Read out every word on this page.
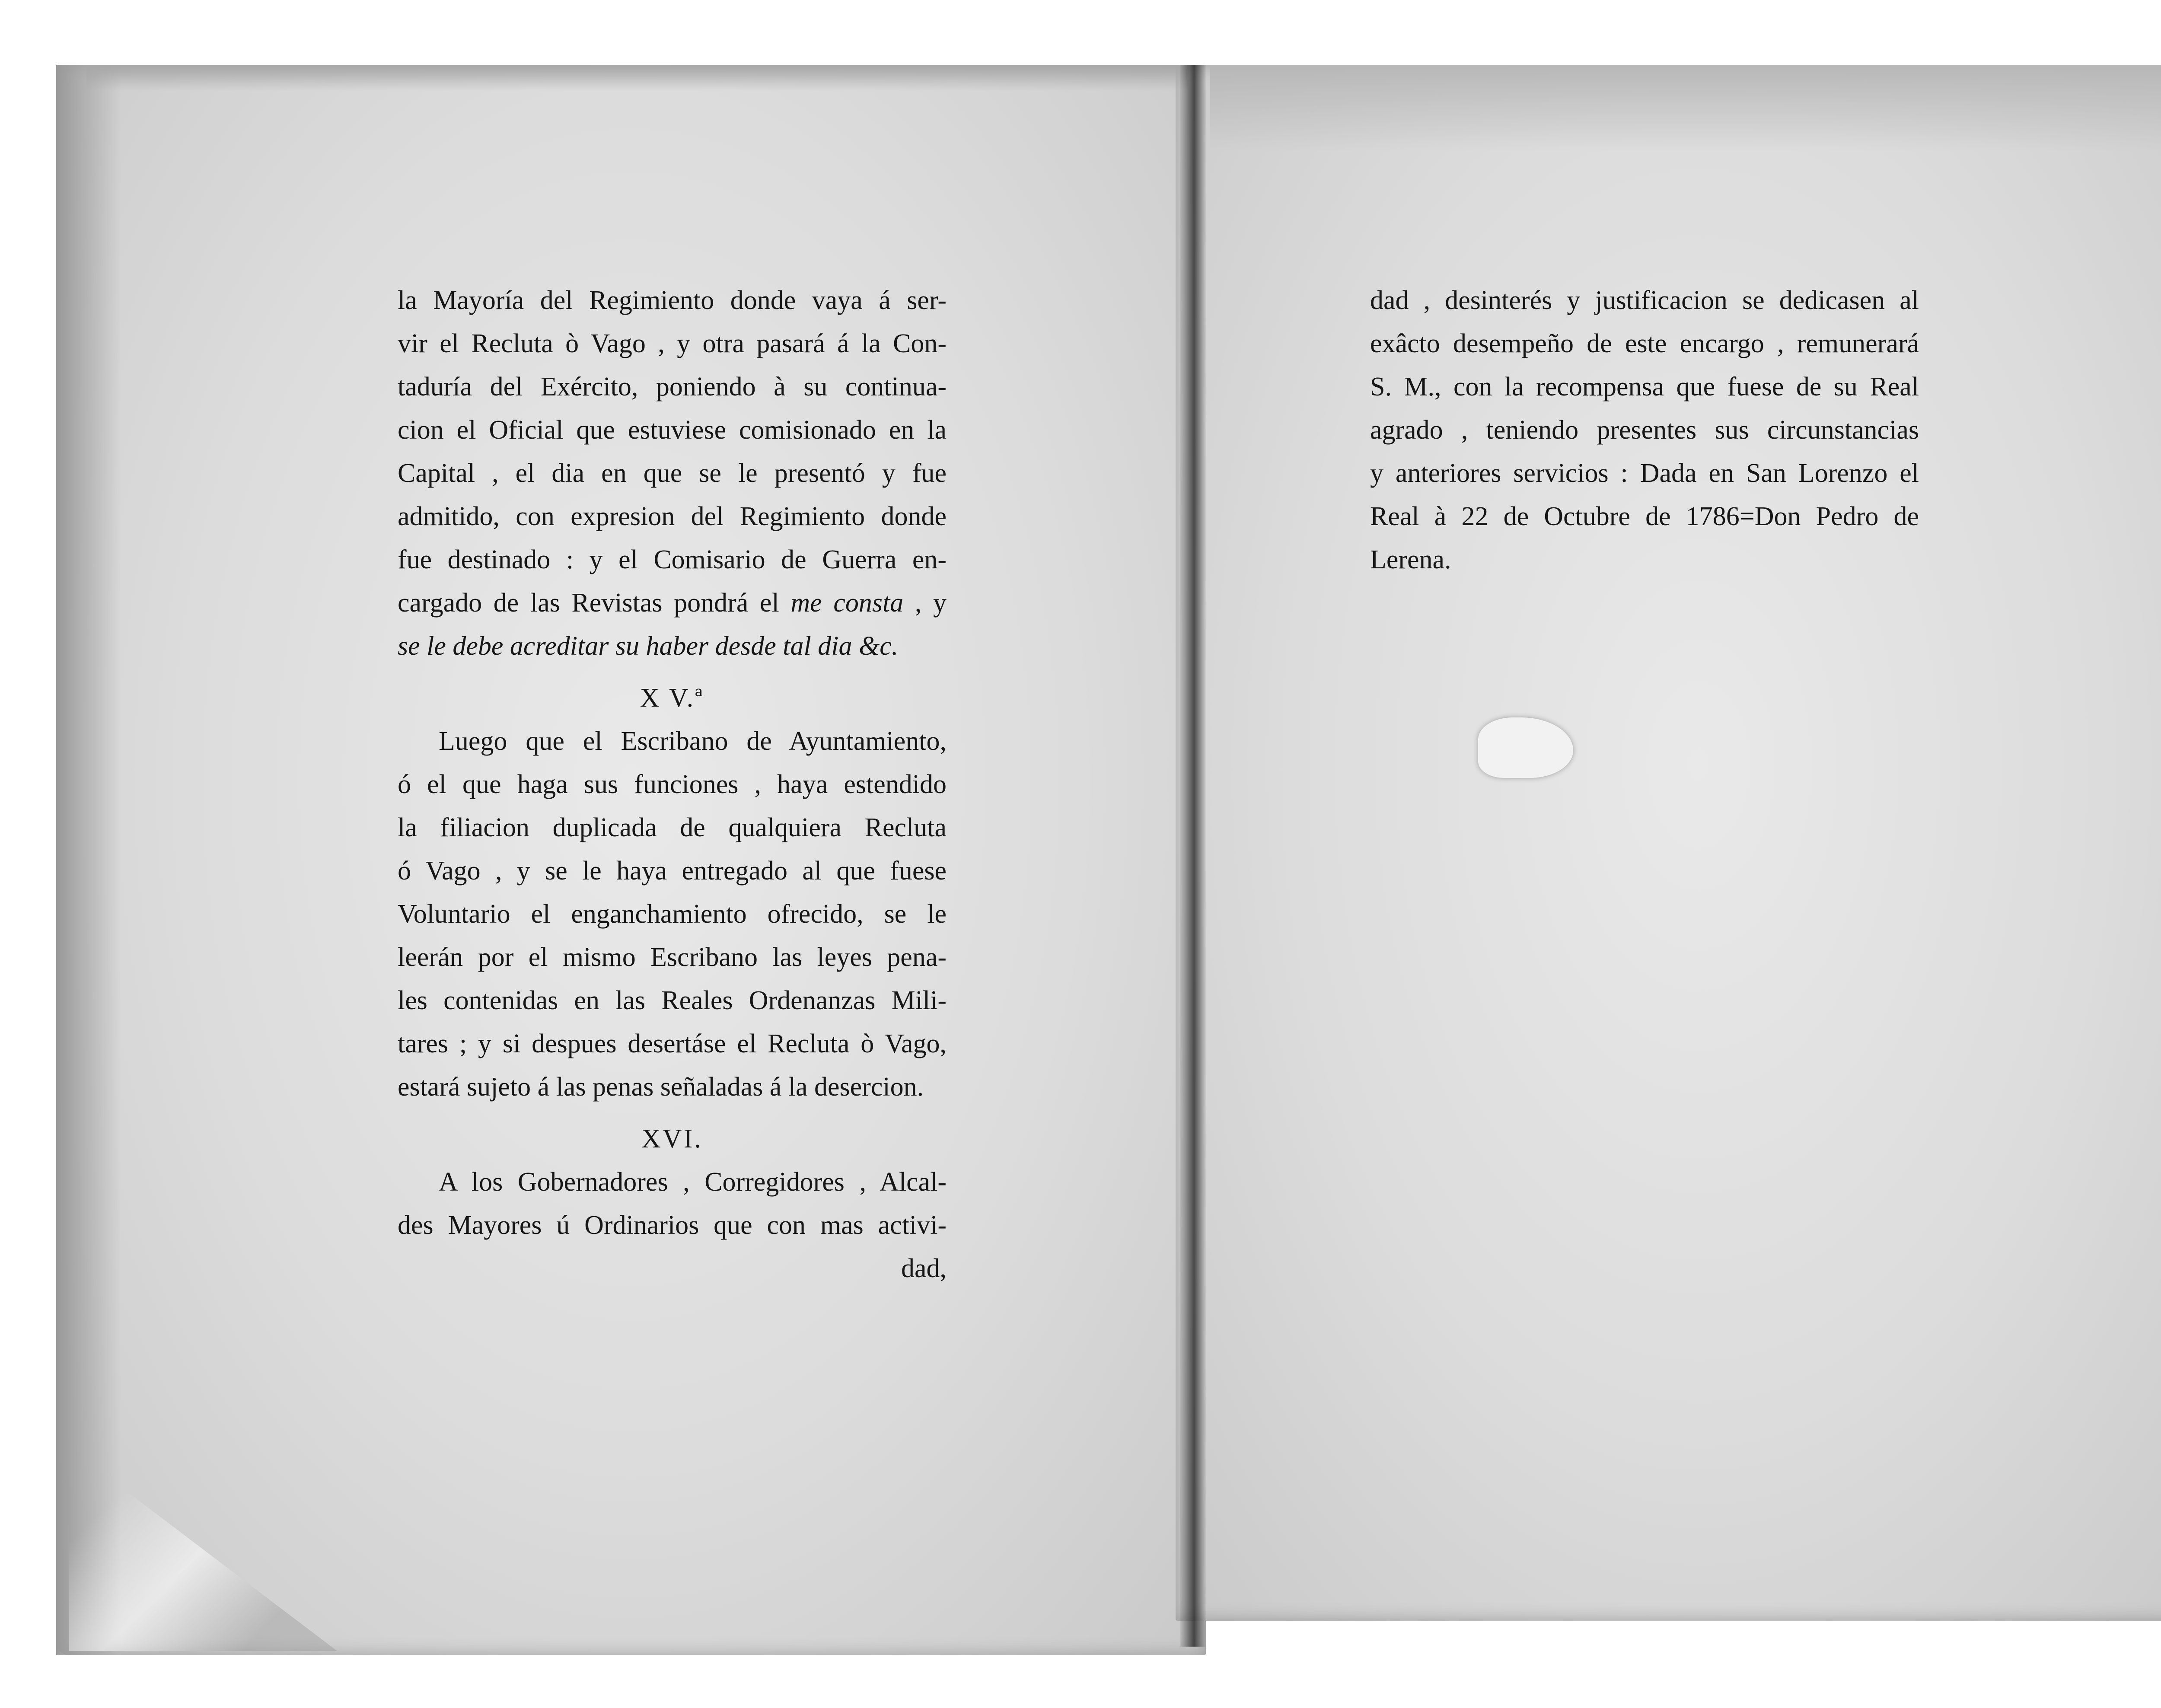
la Mayoría del Regimiento donde vaya á ser-
vir el Recluta ò Vago , y otra pasará á la Con-
taduría del Exército, poniendo à su continua-
cion el Oficial que estuviese comisionado en la
Capital , el dia en que se le presentó y fue
admitido, con expresion del Regimiento donde
fue destinado : y el Comisario de Guerra en-
cargado de las Revistas pondrá el me consta , y
se le debe acreditar su haber desde tal dia &c.
X V.ª
Luego que el Escribano de Ayuntamiento,
ó el que haga sus funciones , haya estendido
la filiacion duplicada de qualquiera Recluta
ó Vago , y se le haya entregado al que fuese
Voluntario el enganchamiento ofrecido, se le
leerán por el mismo Escribano las leyes pena-
les contenidas en las Reales Ordenanzas Mili-
tares ; y si despues desertáse el Recluta ò Vago,
estará sujeto á las penas señaladas á la desercion.
XVI.
A los Gobernadores , Corregidores , Alcal-
des Mayores ú Ordinarios que con mas activi-
dad,
dad , desinterés y justificacion se dedicasen al
exâcto desempeño de este encargo , remunerará
S. M., con la recompensa que fuese de su Real
agrado , teniendo presentes sus circunstancias
y anteriores servicios : Dada en San Lorenzo el
Real à 22 de Octubre de 1786=Don Pedro de
Lerena.
